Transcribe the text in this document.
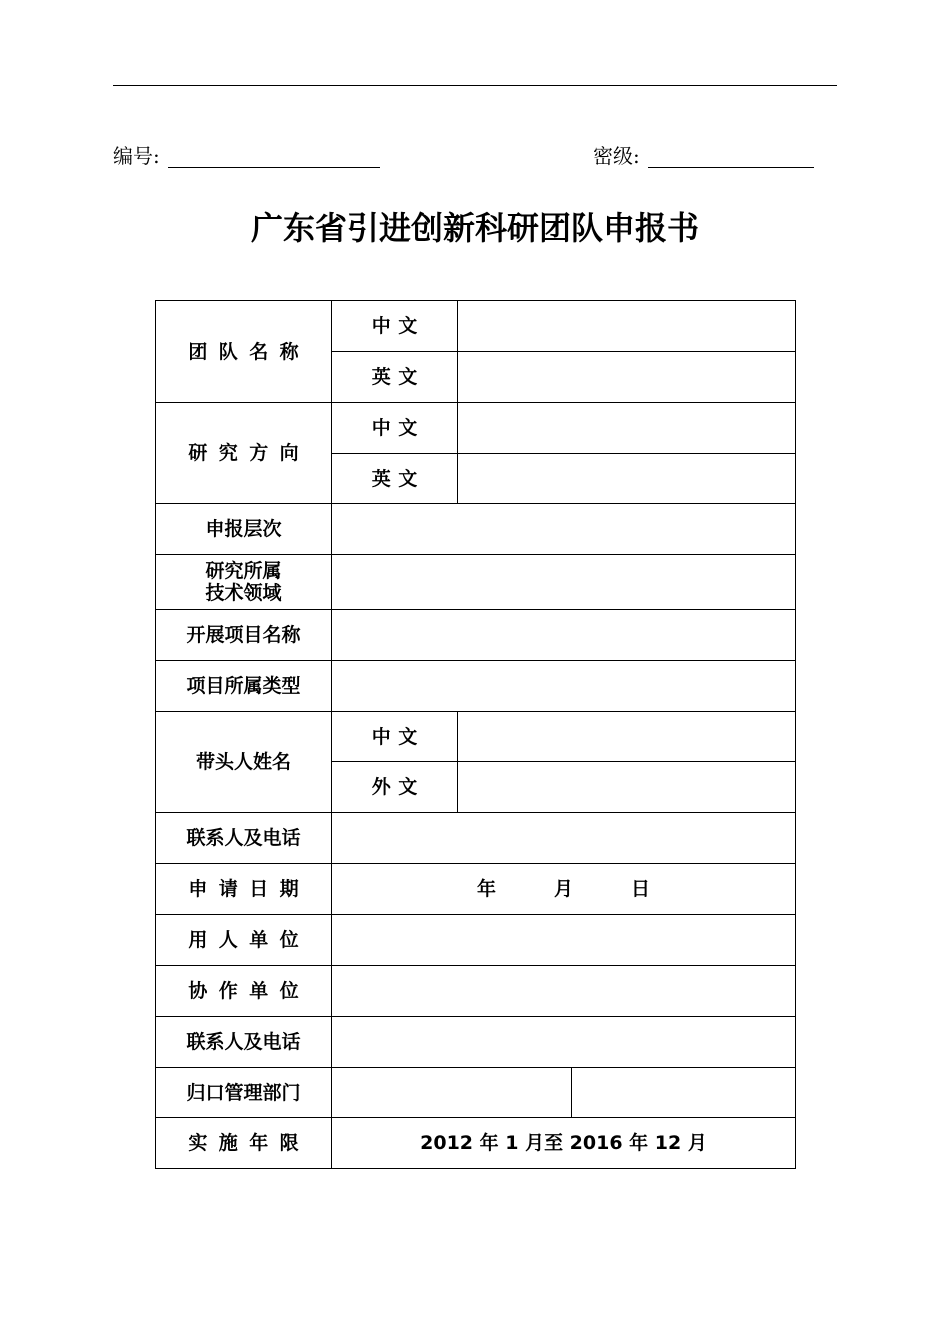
编号:	密级:
广东省引进创新科研团队申报书
团队名称	中文		
	英文		
研究方向	中文		
	英文		
申报层次			

研究所属
技术领域			

开展项目名称			
项目所属类型			
带头人姓名	中文		
	外文		
联系人及电话			
申请日期	年 月 日		
用人单位			
协作单位			
联系人及电话			
归口管理部门			
实施年限	2012 年 1 月至 2016 年 12 月		
